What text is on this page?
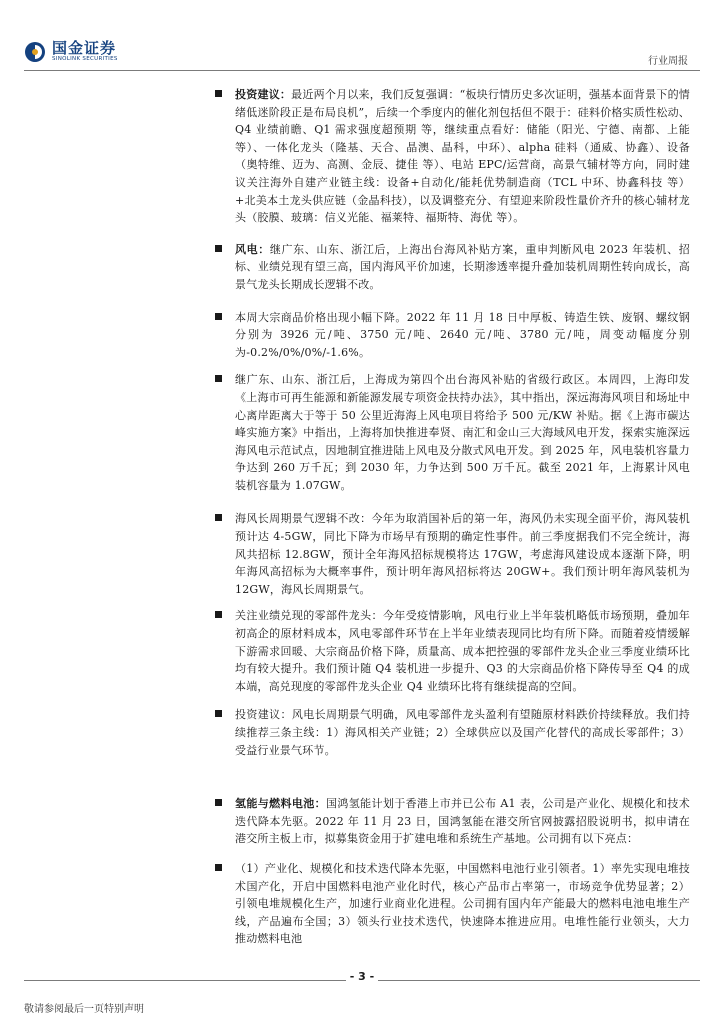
国金证券
SINOLINK SECURITIES	行业周报

投资建议：最近两个月以来，我们反复强调：“板块行情历史多次证明，强基本面背景下的情绪低迷阶段正是布局良机”，后续一个季度内的催化剂包括但不限于：硅料价格实质性松动、Q4 业绩前瞻、Q1 需求强度超预期 等，继续重点看好：储能（阳光、宁德、南都、上能 等）、一体化龙头（隆基、天合、晶澳、晶科，中环）、alpha 硅料（通威、协鑫）、设备（奥特维、迈为、高测、金辰、捷佳 等）、电站 EPC/运营商，高景气辅材等方向，同时建议关注海外自建产业链主线：设备+自动化/能耗优势制造商（TCL 中环、协鑫科技 等）+北美本土龙头供应链（金晶科技），以及调整充分、有望迎来阶段性量价齐升的核心辅材龙头（胶膜、玻璃：信义光能、福莱特、福斯特、海优 等）。

风电：继广东、山东、浙江后，上海出台海风补贴方案，重申判断风电 2023 年装机、招标、业绩兑现有望三高，国内海风平价加速，长期渗透率提升叠加装机周期性转向成长，高景气龙头长期成长逻辑不改。

本周大宗商品价格出现小幅下降。2022 年 11 月 18 日中厚板、铸造生铁、废钢、螺纹钢分别为 3926 元/吨、3750 元/吨、2640 元/吨、3780 元/吨，周变动幅度分别为-0.2%/0%/0%/-1.6%。

继广东、山东、浙江后，上海成为第四个出台海风补贴的省级行政区。本周四，上海印发《上海市可再生能源和新能源发展专项资金扶持办法》，其中指出，深远海海风项目和场址中心离岸距离大于等于 50 公里近海海上风电项目将给予 500 元/KW 补贴。据《上海市碳达峰实施方案》中指出，上海将加快推进奉贤、南汇和金山三大海域风电开发，探索实施深远海风电示范试点，因地制宜推进陆上风电及分散式风电开发。到 2025 年，风电装机容量力争达到 260 万千瓦；到 2030 年，力争达到 500 万千瓦。截至 2021 年，上海累计风电装机容量为 1.07GW。

海风长周期景气逻辑不改：今年为取消国补后的第一年，海风仍未实现全面平价，海风装机预计达 4-5GW，同比下降为市场早有预期的确定性事件。前三季度据我们不完全统计，海风共招标 12.8GW，预计全年海风招标规模将达 17GW，考虑海风建设成本逐渐下降，明年海风高招标为大概率事件，预计明年海风招标将达 20GW+。我们预计明年海风装机为 12GW，海风长周期景气。

关注业绩兑现的零部件龙头：今年受疫情影响，风电行业上半年装机略低市场预期，叠加年初高企的原材料成本，风电零部件环节在上半年业绩表现同比均有所下降。而随着疫情缓解下游需求回暖、大宗商品价格下降，质量高、成本把控强的零部件龙头企业三季度业绩环比均有较大提升。我们预计随 Q4 装机进一步提升、Q3 的大宗商品价格下降传导至 Q4 的成本端，高兑现度的零部件龙头企业 Q4 业绩环比将有继续提高的空间。

投资建议：风电长周期景气明确，风电零部件龙头盈利有望随原材料跌价持续释放。我们持续推荐三条主线：1）海风相关产业链；2）全球供应以及国产化替代的高成长零部件；3）受益行业景气环节。

氢能与燃料电池：国鸿氢能计划于香港上市并已公布 A1 表，公司是产业化、规模化和技术迭代降本先驱。2022 年 11 月 23 日，国鸿氢能在港交所官网披露招股说明书，拟申请在港交所主板上市，拟募集资金用于扩建电堆和系统生产基地。公司拥有以下亮点：

（1）产业化、规模化和技术迭代降本先驱，中国燃料电池行业引领者。1）率先实现电堆技术国产化，开启中国燃料电池产业化时代，核心产品市占率第一，市场竞争优势显著；2）引领电堆规模化生产，加速行业商业化进程。公司拥有国内年产能最大的燃料电池电堆生产线，产品遍布全国；3）领头行业技术迭代，快速降本推进应用。电堆性能行业领头，大力推动燃料电池

- 3 -
敬请参阅最后一页特别声明
